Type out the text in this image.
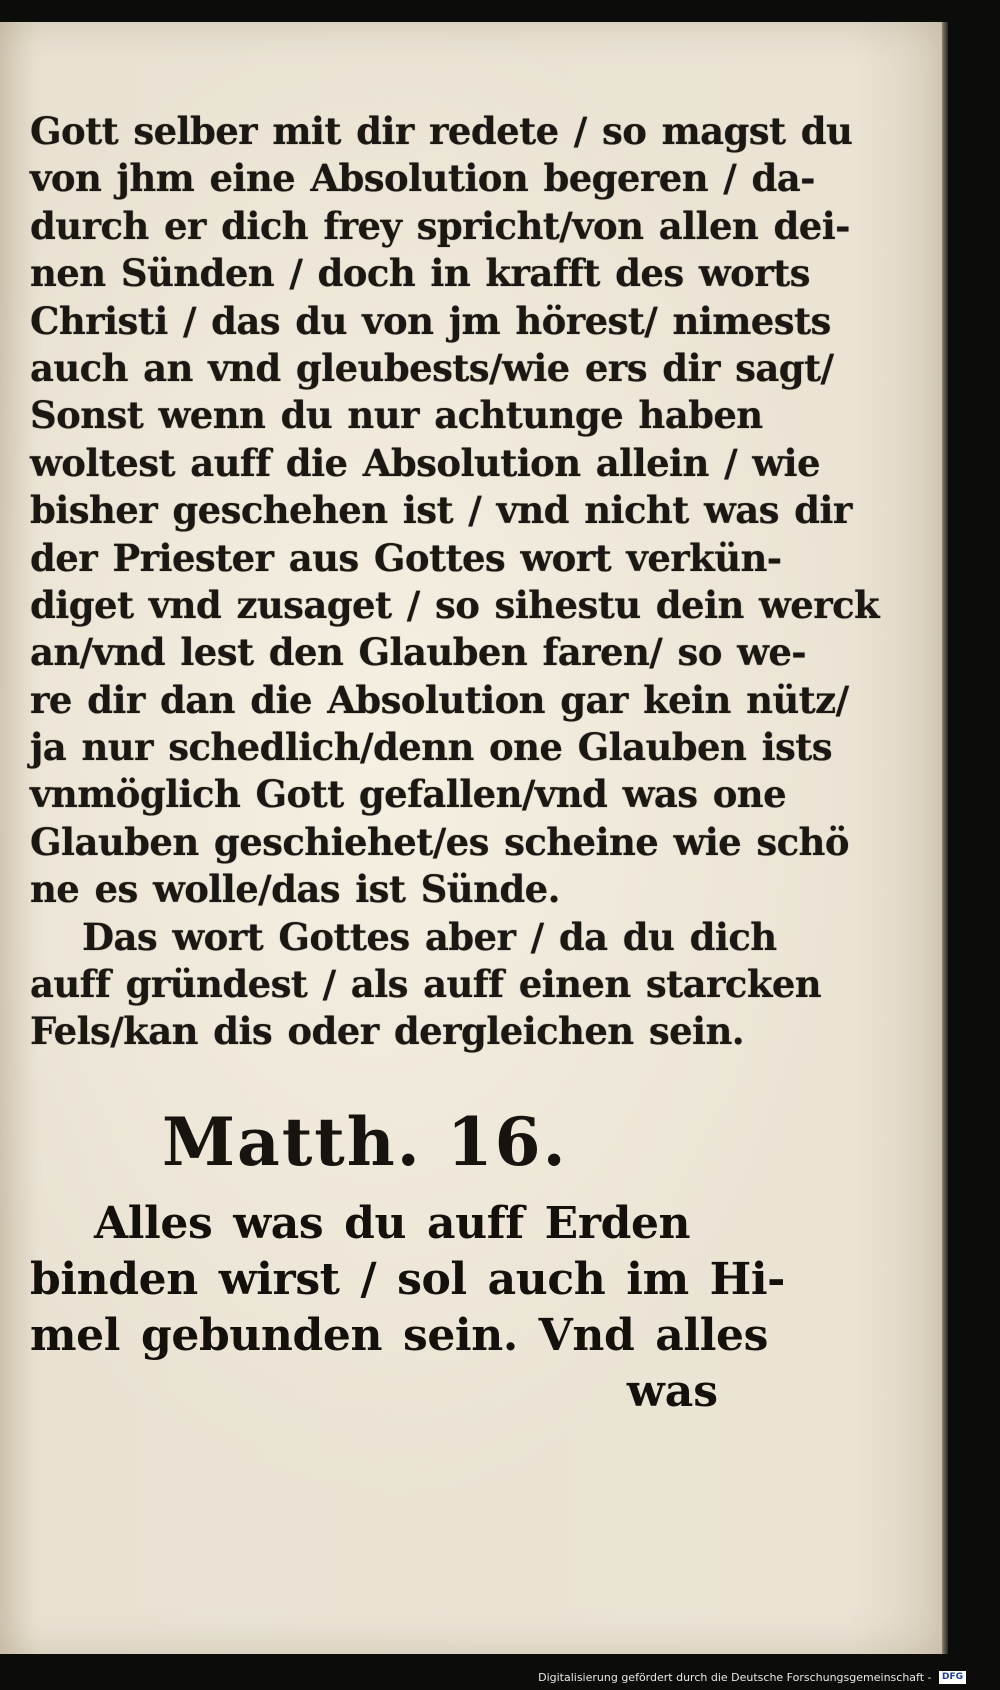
Gott selber mit dir redete / so magst du
von jhm eine Absolution begeren / da-
durch er dich frey spricht/von allen dei-
nen Sünden / doch in krafft des worts
Christi / das du von jm hörest/ nimests
auch an vnd gleubests/wie ers dir sagt/
Sonst wenn du nur achtunge haben
woltest auff die Absolution allein / wie
bisher geschehen ist / vnd nicht was dir
der Priester aus Gottes wort verkün-
diget vnd zusaget / so sihestu dein werck
an/vnd lest den Glauben faren/ so we-
re dir dan die Absolution gar kein nütz/
ja nur schedlich/denn one Glauben ists
vnmöglich Gott gefallen/vnd was one
Glauben geschiehet/es scheine wie schö
ne es wolle/das ist Sünde.
Das wort Gottes aber / da du dich
auff gründest / als auff einen starcken
Fels/kan dis oder dergleichen sein.
Matth. 16.
Alles was du auff Erden
binden wirst / sol auch im Hi-
mel gebunden sein. Vnd alles
was
Digitalisierung gefördert durch die Deutsche Forschungsgemeinschaft - DFG
